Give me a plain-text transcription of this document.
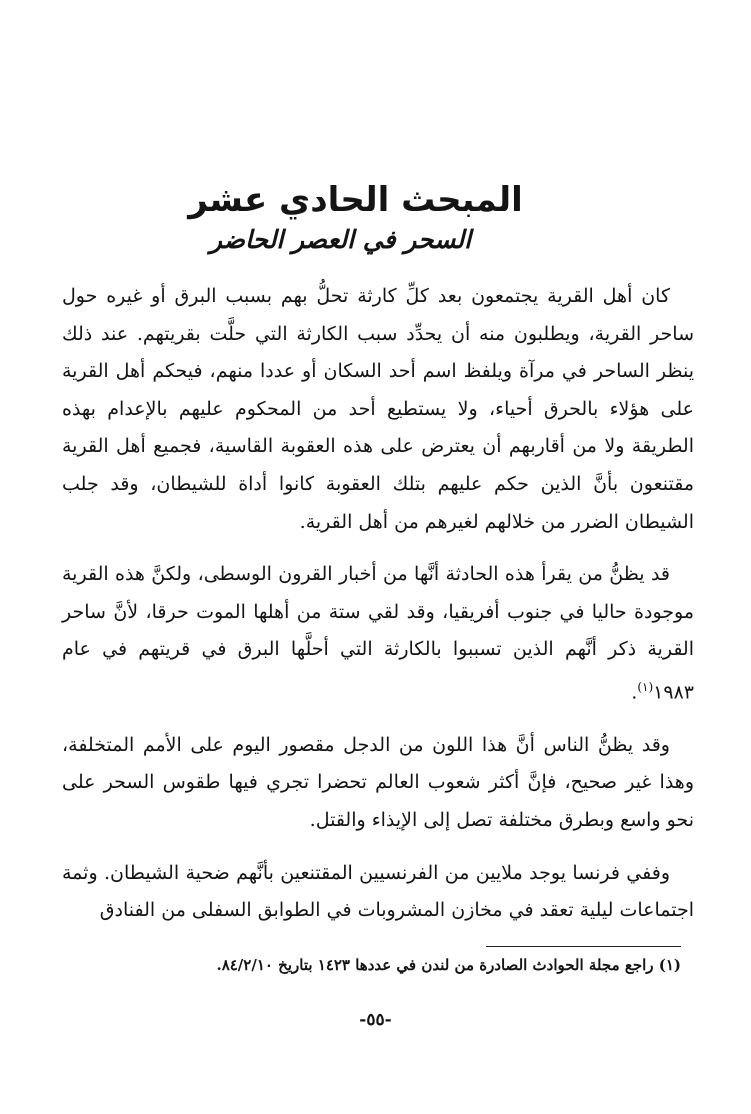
المبحث الحادي عشر

السحر في العصر الحاضر

كان أهل القرية يجتمعون بعد كلِّ كارثة تحلُّ بهم بسبب البرق أو غيره حول ساحر القرية، ويطلبون منه أن يحدِّد سبب الكارثة التي حلَّت بقريتهم. عند ذلك ينظر الساحر في مرآة ويلفظ اسم أحد السكان أو عددا منهم، فيحكم أهل القرية على هؤلاء بالحرق أحياء، ولا يستطيع أحد من المحكوم عليهم بالإعدام بهذه الطريقة ولا من أقاربهم أن يعترض على هذه العقوبة القاسية، فجميع أهل القرية مقتنعون بأنَّ الذين حكم عليهم بتلك العقوبة كانوا أداة للشيطان، وقد جلب الشيطان الضرر من خلالهم لغيرهم من أهل القرية.

قد يظنُّ من يقرأ هذه الحادثة أنَّها من أخبار القرون الوسطى، ولكنَّ هذه القرية موجودة حاليا في جنوب أفريقيا، وقد لقي ستة من أهلها الموت حرقا، لأنَّ ساحر القرية ذكر أنَّهم الذين تسببوا بالكارثة التي أحلَّها البرق في قريتهم في عام ١٩٨٣$^{(١)}$.

وقد يظنُّ الناس أنَّ هذا اللون من الدجل مقصور اليوم على الأمم المتخلفة، وهذا غير صحيح، فإنَّ أكثر شعوب العالم تحضرا تجري فيها طقوس السحر على نحو واسع وبطرق مختلفة تصل إلى الإيذاء والقتل.

وففي فرنسا يوجد ملايين من الفرنسيين المقتنعين بأنَّهم ضحية الشيطان. وثمة اجتماعات ليلية تعقد في مخازن المشروبات في الطوابق السفلى من الفنادق

(١) راجع مجلة الحوادث الصادرة من لندن في عددها ١٤٢٣ بتاريخ ٨٤/٢/١٠.
-٥٥-
